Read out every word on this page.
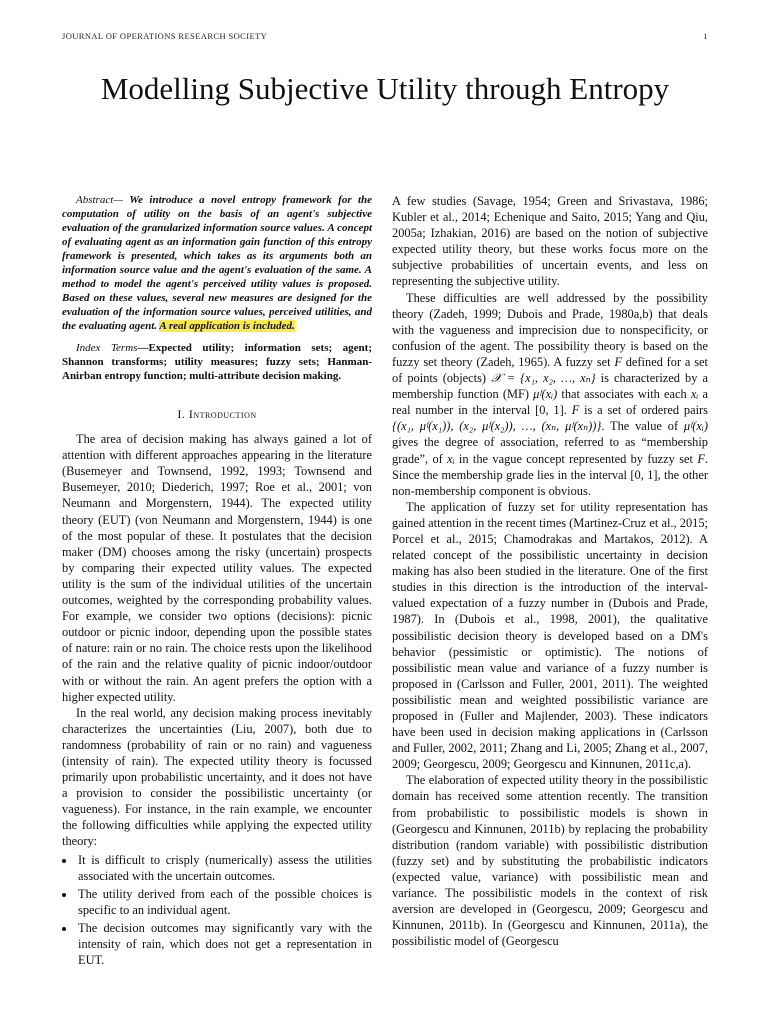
JOURNAL OF OPERATIONS RESEARCH SOCIETY	1
Modelling Subjective Utility through Entropy

Abstract— We introduce a novel entropy framework for the computation of utility on the basis of an agent's subjective evaluation of the granularized information source values. A concept of evaluating agent as an information gain function of this entropy framework is presented, which takes as its arguments both an information source value and the agent's evaluation of the same. A method to model the agent's perceived utility values is proposed. Based on these values, several new measures are designed for the evaluation of the information source values, perceived utilities, and the evaluating agent. A real application is included.

Index Terms—Expected utility; information sets; agent; Shannon transforms; utility measures; fuzzy sets; Hanman-Anirban entropy function; multi-attribute decision making.

I. Introduction

The area of decision making has always gained a lot of attention with different approaches appearing in the literature (Busemeyer and Townsend, 1992, 1993; Townsend and Busemeyer, 2010; Diederich, 1997; Roe et al., 2001; von Neumann and Morgenstern, 1944). The expected utility theory (EUT) (von Neumann and Morgenstern, 1944) is one of the most popular of these. It postulates that the decision maker (DM) chooses among the risky (uncertain) prospects by comparing their expected utility values. The expected utility is the sum of the individual utilities of the uncertain outcomes, weighted by the corresponding probability values. For example, we consider two options (decisions): picnic outdoor or picnic indoor, depending upon the possible states of nature: rain or no rain. The choice rests upon the likelihood of the rain and the relative quality of picnic indoor/outdoor with or without the rain. An agent prefers the option with a higher expected utility.

In the real world, any decision making process inevitably characterizes the uncertainties (Liu, 2007), both due to randomness (probability of rain or no rain) and vagueness (intensity of rain). The expected utility theory is focussed primarily upon probabilistic uncertainty, and it does not have a provision to consider the possibilistic uncertainty (or vagueness). For instance, in the rain example, we encounter the following difficulties while applying the expected utility theory:

• It is difficult to crisply (numerically) assess the utilities associated with the uncertain outcomes.
• The utility derived from each of the possible choices is specific to an individual agent.
• The decision outcomes may significantly vary with the intensity of rain, which does not get a representation in EUT.

A few studies (Savage, 1954; Green and Srivastava, 1986; Kubler et al., 2014; Echenique and Saito, 2015; Yang and Qiu, 2005a; Izhakian, 2016) are based on the notion of subjective expected utility theory, but these works focus more on the subjective probabilities of uncertain events, and less on representing the subjective utility.

These difficulties are well addressed by the possibility theory (Zadeh, 1999; Dubois and Prade, 1980a,b) that deals with the vagueness and imprecision due to nonspecificity, or confusion of the agent. The possibility theory is based on the fuzzy set theory (Zadeh, 1965). A fuzzy set F defined for a set of points (objects) 𝒳 = {x₁, x₂, …, xₙ} is characterized by a membership function (MF) μᶠ(xᵢ) that associates with each xᵢ a real number in the interval [0, 1]. F is a set of ordered pairs {(x₁, μᶠ(x₁)), (x₂, μᶠ(x₂)), …, (xₙ, μᶠ(xₙ))}. The value of μᶠ(xᵢ) gives the degree of association, referred to as “membership grade”, of xᵢ in the vague concept represented by fuzzy set F. Since the membership grade lies in the interval [0, 1], the other non-membership component is obvious.

The application of fuzzy set for utility representation has gained attention in the recent times (Martinez-Cruz et al., 2015; Porcel et al., 2015; Chamodrakas and Martakos, 2012). A related concept of the possibilistic uncertainty in decision making has also been studied in the literature. One of the first studies in this direction is the introduction of the interval-valued expectation of a fuzzy number in (Dubois and Prade, 1987). In (Dubois et al., 1998, 2001), the qualitative possibilistic decision theory is developed based on a DM's behavior (pessimistic or optimistic). The notions of possibilistic mean value and variance of a fuzzy number is proposed in (Carlsson and Fuller, 2001, 2011). The weighted possibilistic mean and weighted possibilistic variance are proposed in (Fuller and Majlender, 2003). These indicators have been used in decision making applications in (Carlsson and Fuller, 2002, 2011; Zhang and Li, 2005; Zhang et al., 2007, 2009; Georgescu, 2009; Georgescu and Kinnunen, 2011c,a).

The elaboration of expected utility theory in the possibilistic domain has received some attention recently. The transition from probabilistic to possibilistic models is shown in (Georgescu and Kinnunen, 2011b) by replacing the probability distribution (random variable) with possibilistic distribution (fuzzy set) and by substituting the probabilistic indicators (expected value, variance) with possibilistic mean and variance. The possibilistic models in the context of risk aversion are developed in (Georgescu, 2009; Georgescu and Kinnunen, 2011b). In (Georgescu and Kinnunen, 2011a), the possibilistic model of (Georgescu
